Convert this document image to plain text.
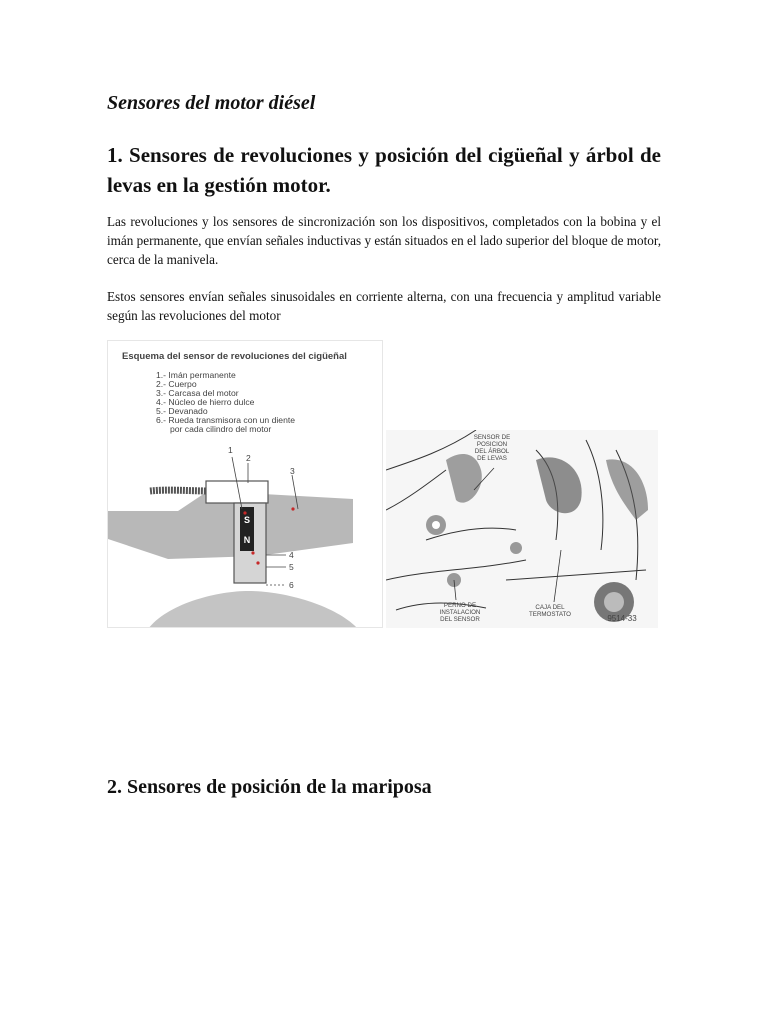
Sensores del motor diésel
1. Sensores de revoluciones y posición del cigüeñal y árbol de levas en la gestión motor.

Las revoluciones y los sensores de sincronización son los dispositivos, completados con la bobina y el imán permanente, que envían señales inductivas y están situados en el lado superior del bloque de motor, cerca de la manivela.

Estos sensores envían señales sinusoidales en corriente alterna, con una frecuencia y amplitud variable según las revoluciones del motor

Esquema del sensor de revoluciones del cigüeñal
1.- Imán permanente
2.- Cuerpo
3.- Carcasa del motor
4.- Núcleo de hierro dulce
5.- Devanado
6.- Rueda transmisora con un diente
por cada cilindro del motor
S
N
1
2
3
4
5
6
SENSOR DE
POSICION
DEL ÁRBOL
DE LEVAS
PERNO DE
INSTALACION
DEL SENSOR
CAJA DEL
TERMOSTATO	9514-33
2. Sensores de posición de la mariposa
